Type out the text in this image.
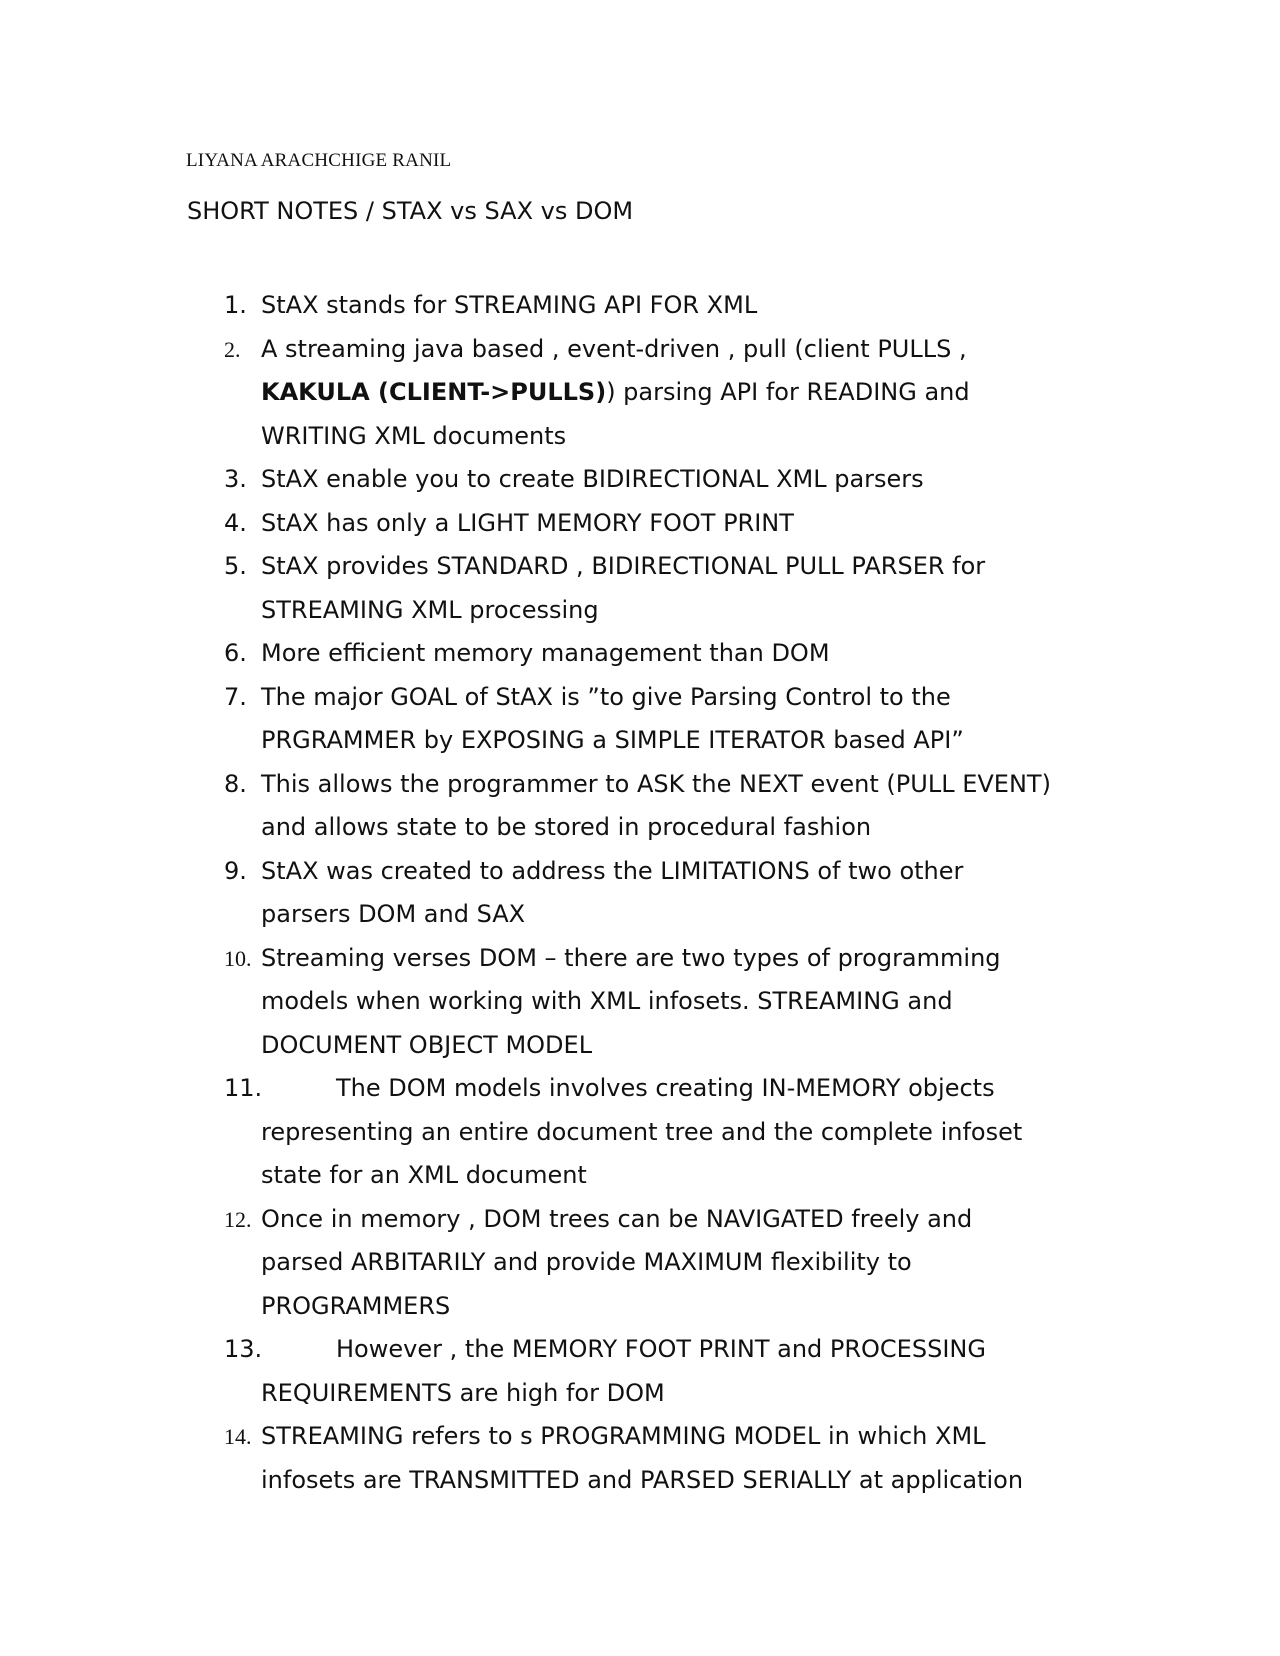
LIYANA ARACHCHIGE RANIL
SHORT NOTES / STAX vs SAX vs DOM
1. StAX stands for STREAMING API FOR XML
2. A streaming java based , event-driven , pull (client PULLS ,
KAKULA (CLIENT->PULLS)) parsing API for READING and
WRITING XML documents
3. StAX enable you to create BIDIRECTIONAL XML parsers
4. StAX has only a LIGHT MEMORY FOOT PRINT
5. StAX provides STANDARD , BIDIRECTIONAL PULL PARSER for
STREAMING XML processing
6. More efficient memory management than DOM
7. The major GOAL of StAX is ”to give Parsing Control to the
PRGRAMMER by EXPOSING a SIMPLE ITERATOR based API”
8. This allows the programmer to ASK the NEXT event (PULL EVENT)
and allows state to be stored in procedural fashion
9. StAX was created to address the LIMITATIONS of two other
parsers DOM and SAX
10. Streaming verses DOM – there are two types of programming
models when working with XML infosets. STREAMING and
DOCUMENT OBJECT MODEL
11.	The DOM models involves creating IN-MEMORY objects
representing an entire document tree and the complete infoset
state for an XML document
12. Once in memory , DOM trees can be NAVIGATED freely and
parsed ARBITARILY and provide MAXIMUM flexibility to
PROGRAMMERS
13.	However , the MEMORY FOOT PRINT and PROCESSING
REQUIREMENTS are high for DOM
14. STREAMING refers to s PROGRAMMING MODEL in which XML
infosets are TRANSMITTED and PARSED SERIALLY at application
